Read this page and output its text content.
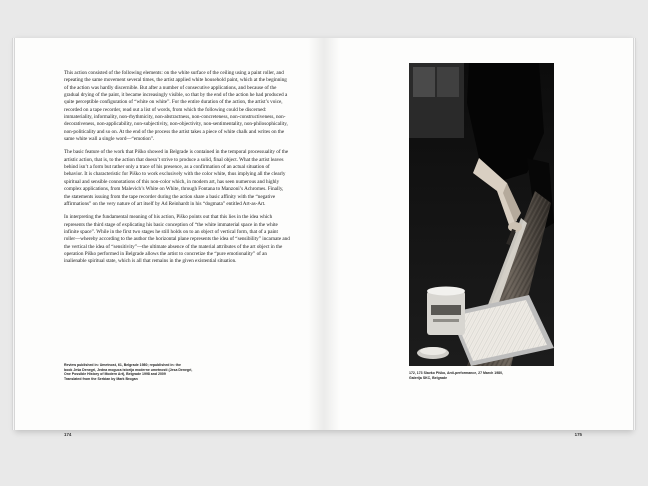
This action consisted of the following elements: on the white surface of the ceiling using a paint roller, and repeating the same movement several times, the artist applied white household paint, which at the beginning of the action was hardly discernible. But after a number of consecutive applications, and because of the gradual drying of the paint, it became increasingly visible, so that by the end of the action he had produced a quite perceptible configuration of “white on white”. For the entire duration of the action, the artist’s voice, recorded on a tape recorder, read out a list of words, from which the following could be discerned: immateriality, informality, non-rhythmicity, non-abstractness, non-concreteness, non-constructiveness, non-decorativeness, non-applicability, non-subjectivity, non-objectivity, non-sentimentality, non-philosophicality, non-politicality and so on. At the end of the process the artist takes a piece of white chalk and writes on the same white wall a single word—“emotion”.

The basic feature of the work that Piško showed in Belgrade is contained in the temporal processuality of the artistic action, that is, to the action that doesn’t strive to produce a solid, final object. What the artist leaves behind isn’t a form but rather only a trace of his presence, as a confirmation of an actual situation of behavior. It is characteristic for Piško to work exclusively with the color white, thus implying all the clearly spiritual and sensible connotations of this non-color which, in modern art, has seen numerous and highly complex applications, from Malevich’s White on White, through Fontana to Manzoni’s Achromes. Finally, the statements issuing from the tape recorder during the action share a basic affinity with the “negative affirmations” on the very nature of art itself by Ad Reinhardt in his “dogmata” entitled Art-as-Art.

In interpreting the fundamental meaning of his action, Piško points out that this lies in the idea which represents the third stage of explicating his basic conception of “the white immaterial space in the white infinite space”. While in the first two stages he still holds on to an object of vertical form, that of a paint roller—whereby according to the author the horizontal plane represents the idea of “sensibility” incarnate and the vertical the idea of “sensitivity”—the ultimate absence of the material attributes of the art object in the operation Piško performed in Belgrade allows the artist to concretize the “pure emotionality” of an inalienable spiritual state, which is all that remains in the given existential situation.

Review published in: Umetnost, 61, Belgrade 1980; republished in: the
book Ješa Denegri, Jedna moguca istorija moderne umetnosti (Jesa Denegri,
One Possible History of Modern Art), Belgrade 1998 and 2009
Translated from the Serbian by Mark Brogan
174
172, 173 Slavko Piško, Anti-performance, 27 March 1980,
Galerija SKC, Belgrade
175
